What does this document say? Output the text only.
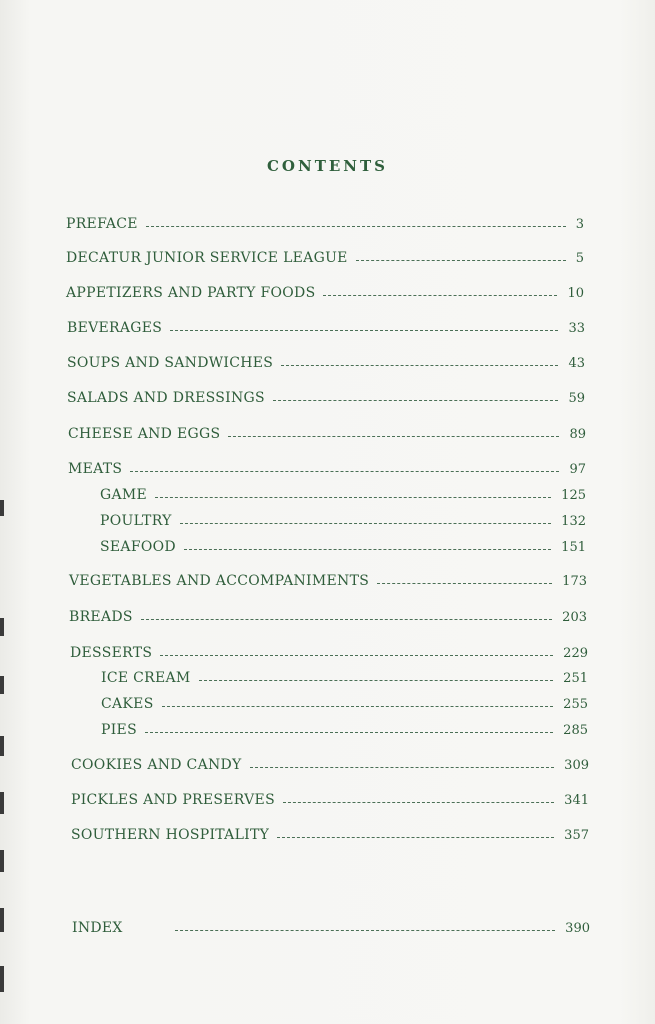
CONTENTS
PREFACE	3
DECATUR JUNIOR SERVICE LEAGUE	5
APPETIZERS AND PARTY FOODS	10
BEVERAGES	33
SOUPS AND SANDWICHES	43
SALADS AND DRESSINGS	59
CHEESE AND EGGS	89
MEATS	97
GAME	125
POULTRY	132
SEAFOOD	151
VEGETABLES AND ACCOMPANIMENTS	173
BREADS	203
DESSERTS	229
ICE CREAM	251
CAKES	255
PIES	285
COOKIES AND CANDY	309
PICKLES AND PRESERVES	341
SOUTHERN HOSPITALITY	357
INDEX	390
